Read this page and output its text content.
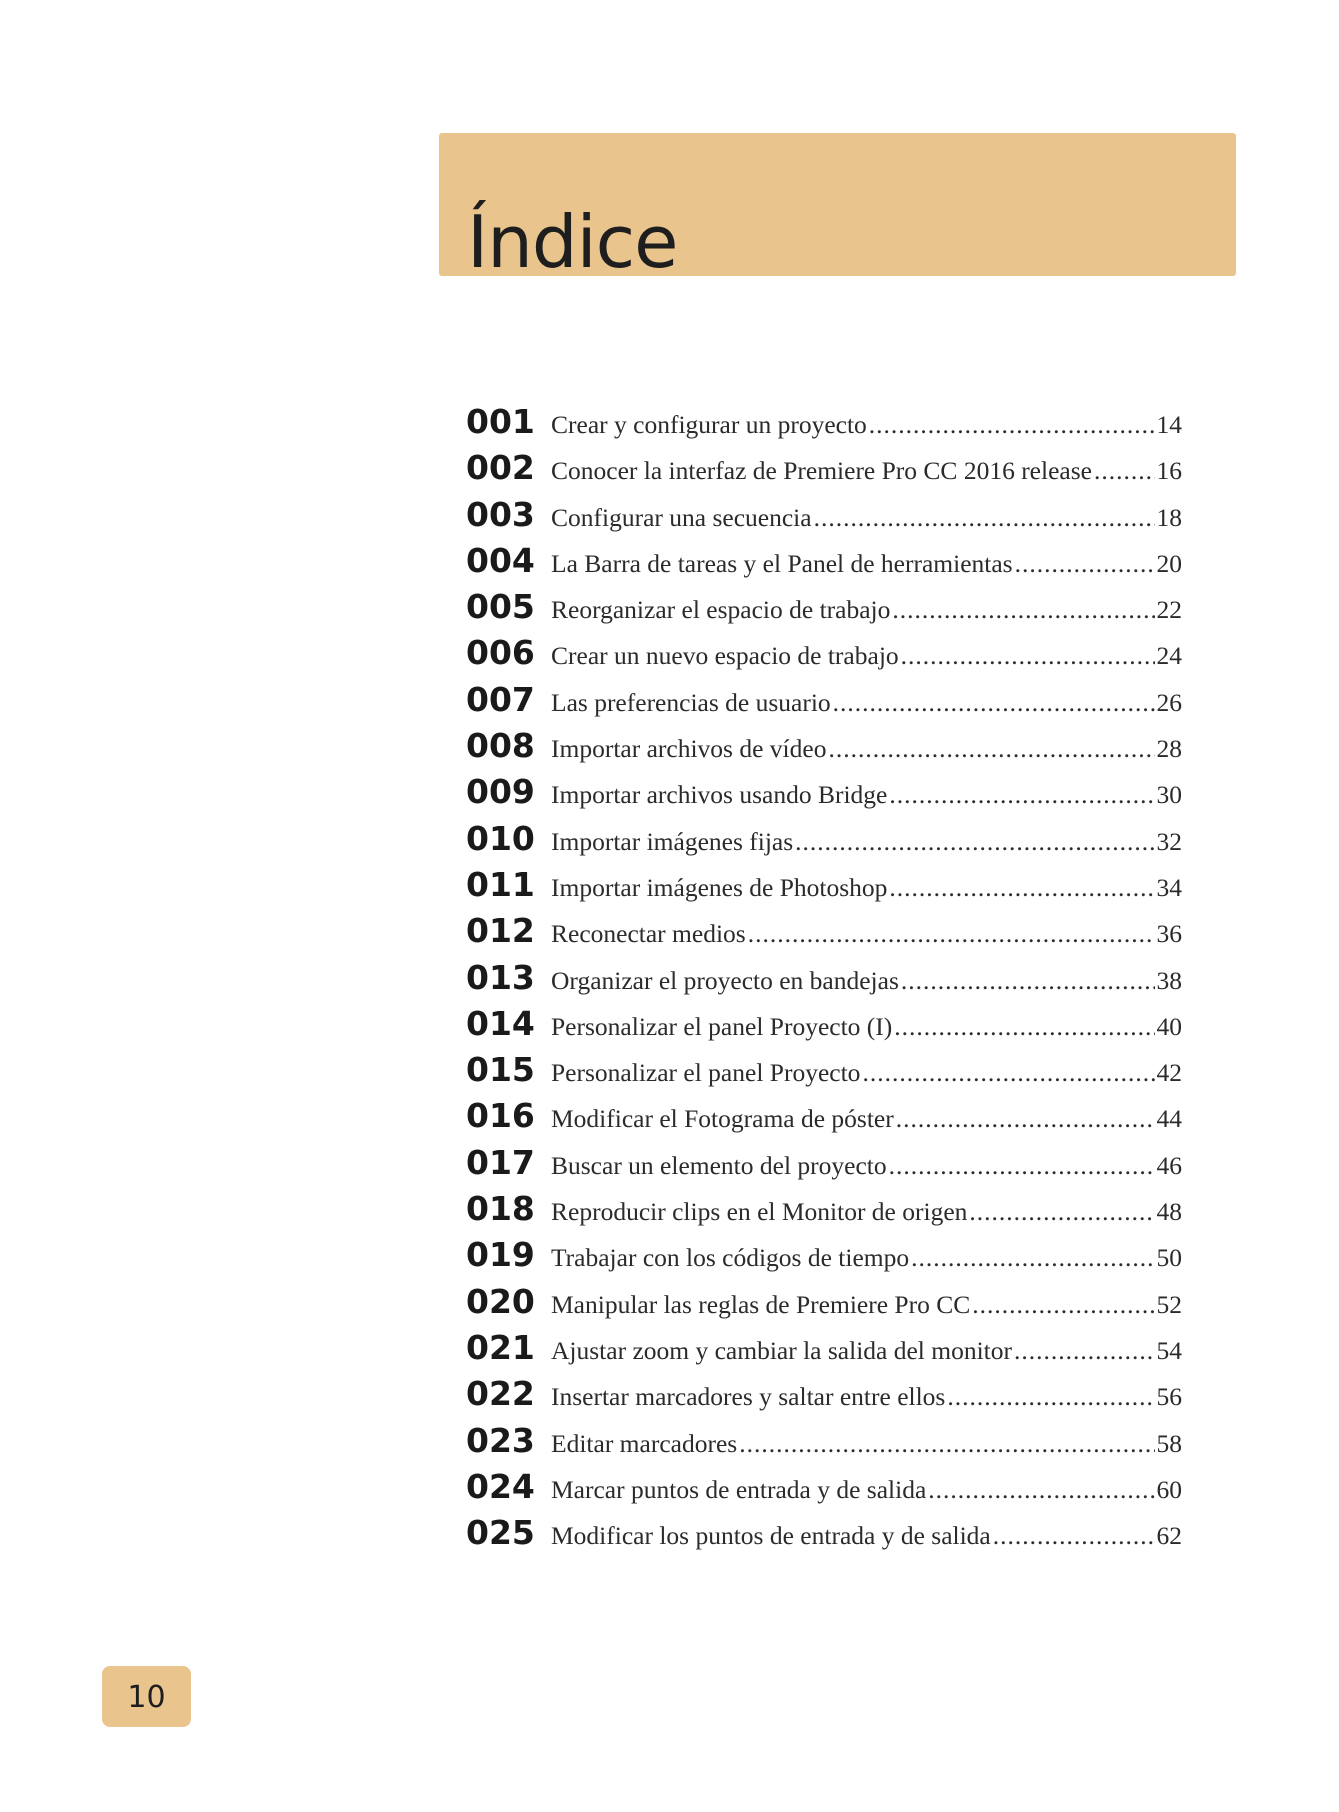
Índice
001 Crear y configurar un proyecto .....	14
002 Conocer la interfaz de Premiere Pro CC 2016 release .....	16
003 Configurar una secuencia .....	18
004 La Barra de tareas y el Panel de herramientas .....	20
005 Reorganizar el espacio de trabajo .....	22
006 Crear un nuevo espacio de trabajo .....	24
007 Las preferencias de usuario .....	26
008 Importar archivos de vídeo .....	28
009 Importar archivos usando Bridge .....	30
010 Importar imágenes fijas .....	32
011 Importar imágenes de Photoshop .....	34
012 Reconectar medios .....	36
013 Organizar el proyecto en bandejas .....	38
014 Personalizar el panel Proyecto (I) .....	40
015 Personalizar el panel Proyecto .....	42
016 Modificar el Fotograma de póster .....	44
017 Buscar un elemento del proyecto .....	46
018 Reproducir clips en el Monitor de origen .....	48
019 Trabajar con los códigos de tiempo .....	50
020 Manipular las reglas de Premiere Pro CC .....	52
021 Ajustar zoom y cambiar la salida del monitor .....	54
022 Insertar marcadores y saltar entre ellos .....	56
023 Editar marcadores .....	58
024 Marcar puntos de entrada y de salida .....	60
025 Modificar los puntos de entrada y de salida .....	62
10
